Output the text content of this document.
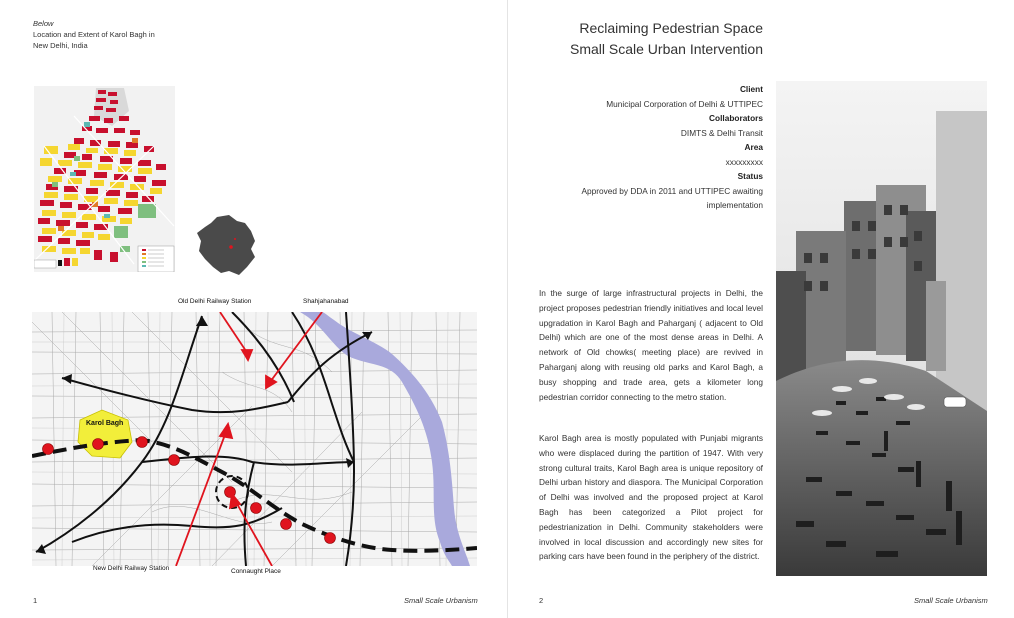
Below
Location and Extent of Karol Bagh in
New Delhi, India
Old Delhi Railway Station	Shahjahanabad
Karol Bagh
New Delhi Railway Station	Connaught Place
1	Small Scale Urbanism
Reclaiming Pedestrian Space
Small Scale Urban Intervention
Client
Municipal Corporation of Delhi & UTTIPEC
Collaborators
DIMTS & Delhi Transit
Area
xxxxxxxxx
Status
Approved by DDA in 2011 and UTTIPEC awaiting
implementation
In the surge of large infrastructural projects in Delhi, the project proposes pedestrian friendly initiatives and local level upgradation in Karol Bagh and Paharganj ( adjacent to Old Delhi) which are one of the most dense areas in Delhi. A network of Old chowks( meeting place) are revived in Paharganj along with reusing old parks and Karol Bagh, a busy shopping and trade area, gets a kilometer long pedestrian corridor connecting to the metro station.
Karol Bagh area is mostly populated with Punjabi migrants who were displaced during the partition of 1947. With very strong cultural traits, Karol Bagh area is unique repository of Delhi urban history and diaspora. The Municipal Corporation of Delhi was involved and the proposed project at Karol Bagh has been categorized a Pilot project for pedestrianization in Delhi. Community stakeholders were involved in local discussion and accordingly new sites for parking cars have been found in the periphery of the district.
2	Small Scale Urbanism
